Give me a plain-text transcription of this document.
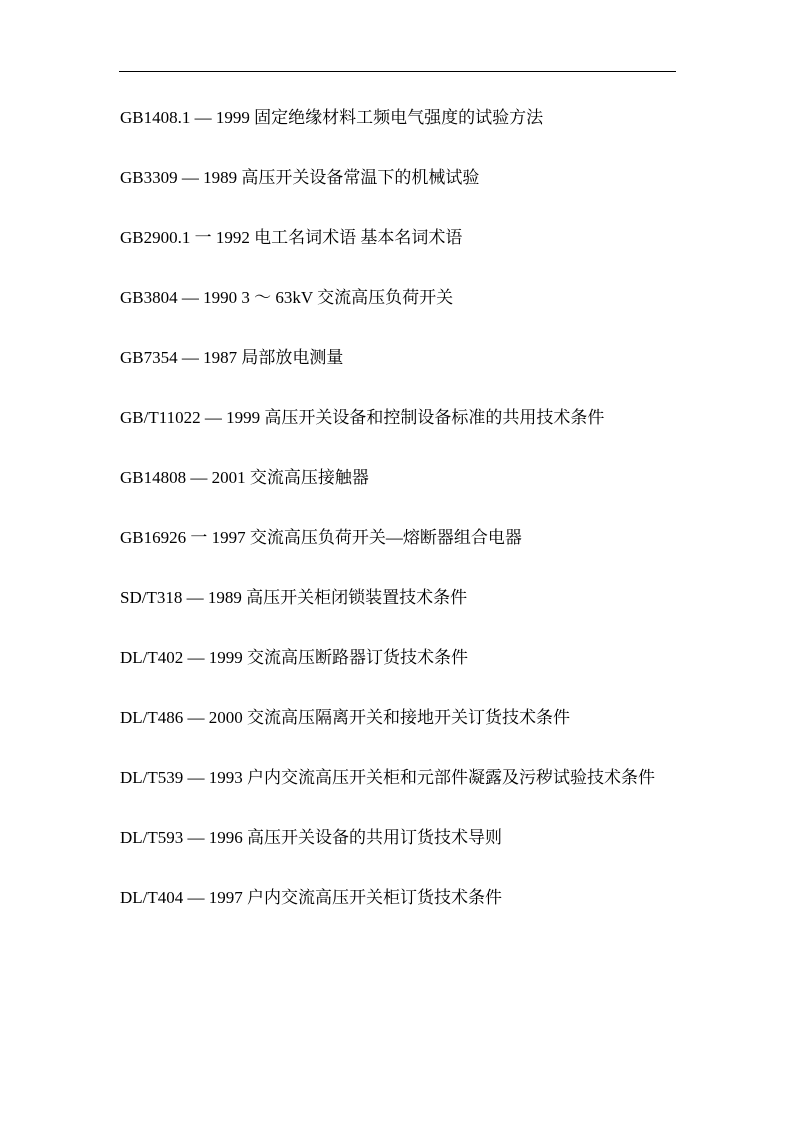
GB1408.1 — 1999 固定绝缘材料工频电气强度的试验方法
GB3309 — 1989 高压开关设备常温下的机械试验
GB2900.1 一 1992 电工名词术语 基本名词术语
GB3804 — 1990 3 ～ 63kV 交流高压负荷开关
GB7354 — 1987 局部放电测量
GB/T11022 — 1999 高压开关设备和控制设备标准的共用技术条件
GB14808 — 2001 交流高压接触器
GB16926 一 1997 交流高压负荷开关—熔断器组合电器
SD/T318 — 1989 高压开关柜闭锁装置技术条件
DL/T402 — 1999 交流高压断路器订货技术条件
DL/T486 — 2000 交流高压隔离开关和接地开关订货技术条件
DL/T539 — 1993 户内交流高压开关柜和元部件凝露及污秽试验技术条件
DL/T593 — 1996 高压开关设备的共用订货技术导则
DL/T404 — 1997 户内交流高压开关柜订货技术条件
